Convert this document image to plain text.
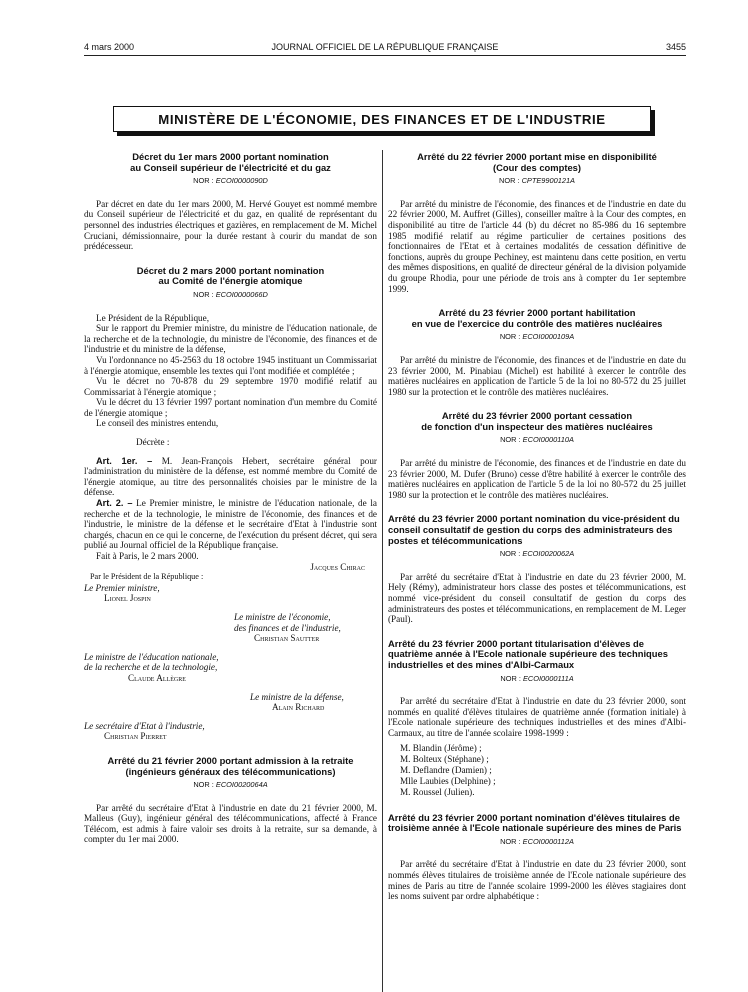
4 mars 2000	JOURNAL OFFICIEL DE LA RÉPUBLIQUE FRANÇAISE	3455
MINISTÈRE DE L'ÉCONOMIE, DES FINANCES ET DE L'INDUSTRIE
Décret du 1er mars 2000 portant nomination
au Conseil supérieur de l'électricité et du gaz
NOR : ECOI0000090D

Par décret en date du 1er mars 2000, M. Hervé Gouyet est nommé membre du Conseil supérieur de l'électricité et du gaz, en qualité de représentant du personnel des industries électriques et gazières, en remplacement de M. Michel Cruciani, démissionnaire, pour la durée restant à courir du mandat de son prédécesseur.

Décret du 2 mars 2000 portant nomination
au Comité de l'énergie atomique
NOR : ECOI0000066D

Le Président de la République,

Sur le rapport du Premier ministre, du ministre de l'éducation nationale, de la recherche et de la technologie, du ministre de l'économie, des finances et de l'industrie et du ministre de la défense,

Vu l'ordonnance no 45-2563 du 18 octobre 1945 instituant un Commissariat à l'énergie atomique, ensemble les textes qui l'ont modifiée et complétée ;

Vu le décret no 70-878 du 29 septembre 1970 modifié relatif au Commissariat à l'énergie atomique ;

Vu le décret du 13 février 1997 portant nomination d'un membre du Comité de l'énergie atomique ;

Le conseil des ministres entendu,

Décrète :

Art. 1er. – M. Jean-François Hebert, secrétaire général pour l'administration du ministère de la défense, est nommé membre du Comité de l'énergie atomique, au titre des personnalités choisies par le ministre de la défense.

Art. 2. – Le Premier ministre, le ministre de l'éducation nationale, de la recherche et de la technologie, le ministre de l'économie, des finances et de l'industrie, le ministre de la défense et le secrétaire d'Etat à l'industrie sont chargés, chacun en ce qui le concerne, de l'exécution du présent décret, qui sera publié au Journal officiel de la République française.

Fait à Paris, le 2 mars 2000.

Jacques Chirac

Par le Président de la République :

Le Premier ministre,

Lionel Jospin

Le ministre de l'économie,

des finances et de l'industrie,

Christian Sautter

Le ministre de l'éducation nationale,

de la recherche et de la technologie,

Claude Allègre

Le ministre de la défense,

Alain Richard

Le secrétaire d'Etat à l'industrie,

Christian Pierret

Arrêté du 21 février 2000 portant admission à la retraite (ingénieurs généraux des télécommunications)
NOR : ECOI0020064A

Par arrêté du secrétaire d'Etat à l'industrie en date du 21 février 2000, M. Malleus (Guy), ingénieur général des télécommunications, affecté à France Télécom, est admis à faire valoir ses droits à la retraite, sur sa demande, à compter du 1er mai 2000.

Arrêté du 22 février 2000 portant mise en disponibilité
(Cour des comptes)
NOR : CPTE9900121A

Par arrêté du ministre de l'économie, des finances et de l'industrie en date du 22 février 2000, M. Auffret (Gilles), conseiller maître à la Cour des comptes, en disponibilité au titre de l'article 44 (b) du décret no 85-986 du 16 septembre 1985 modifié relatif au régime particulier de certaines positions des fonctionnaires de l'Etat et à certaines modalités de cessation définitive de fonctions, auprès du groupe Pechiney, est maintenu dans cette position, en vertu des mêmes dispositions, en qualité de directeur général de la division polyamide du groupe Rhodia, pour une période de trois ans à compter du 1er septembre 1999.

Arrêté du 23 février 2000 portant habilitation
en vue de l'exercice du contrôle des matières nucléaires
NOR : ECOI0000109A

Par arrêté du ministre de l'économie, des finances et de l'industrie en date du 23 février 2000, M. Pinabiau (Michel) est habilité à exercer le contrôle des matières nucléaires en application de l'article 5 de la loi no 80-572 du 25 juillet 1980 sur la protection et le contrôle des matières nucléaires.

Arrêté du 23 février 2000 portant cessation
de fonction d'un inspecteur des matières nucléaires
NOR : ECOI0000110A

Par arrêté du ministre de l'économie, des finances et de l'industrie en date du 23 février 2000, M. Dufer (Bruno) cesse d'être habilité à exercer le contrôle des matières nucléaires en application de l'article 5 de la loi no 80-572 du 25 juillet 1980 sur la protection et le contrôle des matières nucléaires.

Arrêté du 23 février 2000 portant nomination du vice-président du conseil consultatif de gestion du corps des administrateurs des postes et télécommunications
NOR : ECOI0020062A

Par arrêté du secrétaire d'Etat à l'industrie en date du 23 février 2000, M. Hely (Rémy), administrateur hors classe des postes et télécommunications, est nommé vice-président du conseil consultatif de gestion du corps des administrateurs des postes et télécommunications, en remplacement de M. Leger (Paul).

Arrêté du 23 février 2000 portant titularisation d'élèves de quatrième année à l'Ecole nationale supérieure des techniques industrielles et des mines d'Albi-Carmaux
NOR : ECOI0000111A

Par arrêté du secrétaire d'Etat à l'industrie en date du 23 février 2000, sont nommés en qualité d'élèves titulaires de quatrième année (formation initiale) à l'Ecole nationale supérieure des techniques industrielles et des mines d'Albi-Carmaux, au titre de l'année scolaire 1998-1999 :

M. Blandin (Jérôme) ;
M. Bolteux (Stéphane) ;
M. Deflandre (Damien) ;
Mlle Laubies (Delphine) ;
M. Roussel (Julien).
Arrêté du 23 février 2000 portant nomination d'élèves titulaires de troisième année à l'Ecole nationale supérieure des mines de Paris
NOR : ECOI0000112A

Par arrêté du secrétaire d'Etat à l'industrie en date du 23 février 2000, sont nommés élèves titulaires de troisième année de l'Ecole nationale supérieure des mines de Paris au titre de l'année scolaire 1999-2000 les élèves stagiaires dont les noms suivent par ordre alphabétique :
